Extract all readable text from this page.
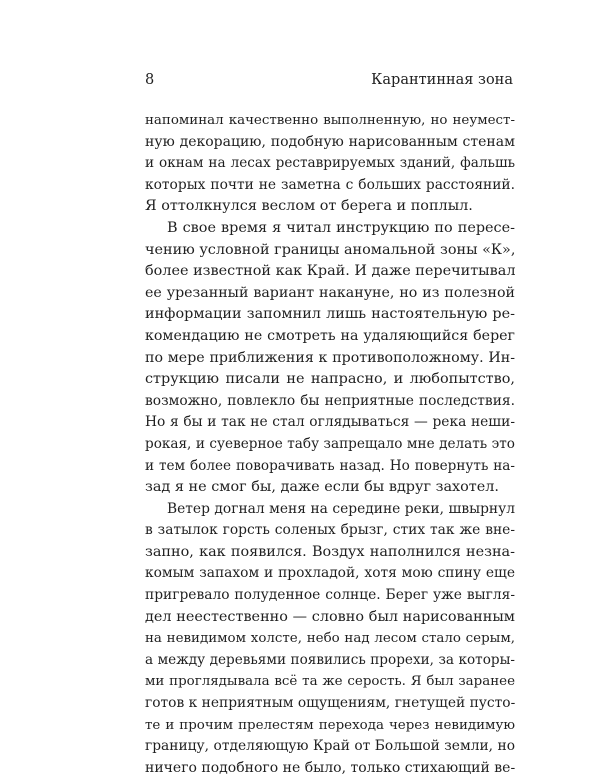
8	Карантинная зона
напоминал качественно выполненную, но неумест-
ную декорацию, подобную нарисованным стенам
и окнам на лесах реставрируемых зданий, фальшь
которых почти не заметна с больших расстояний.
Я оттолкнулся веслом от берега и поплыл.
В свое время я читал инструкцию по пересе-
чению условной границы аномальной зоны «К»,
более известной как Край. И даже перечитывал
ее урезанный вариант накануне, но из полезной
информации запомнил лишь настоятельную ре-
комендацию не смотреть на удаляющийся берег
по мере приближения к противоположному. Ин-
струкцию писали не напрасно, и любопытство,
возможно, повлекло бы неприятные последствия.
Но я бы и так не стал оглядываться — река неши-
рокая, и суеверное табу запрещало мне делать это
и тем более поворачивать назад. Но повернуть на-
зад я не смог бы, даже если бы вдруг захотел.
Ветер догнал меня на середине реки, швырнул
в затылок горсть соленых брызг, стих так же вне-
запно, как появился. Воздух наполнился незна-
комым запахом и прохладой, хотя мою спину еще
пригревало полуденное солнце. Берег уже выгля-
дел неестественно — словно был нарисованным
на невидимом холсте, небо над лесом стало серым,
а между деревьями появились прорехи, за которы-
ми проглядывала всё та же серость. Я был заранее
готов к неприятным ощущениям, гнетущей пусто-
те и прочим прелестям перехода через невидимую
границу, отделяющую Край от Большой земли, но
ничего подобного не было, только стихающий ве-
